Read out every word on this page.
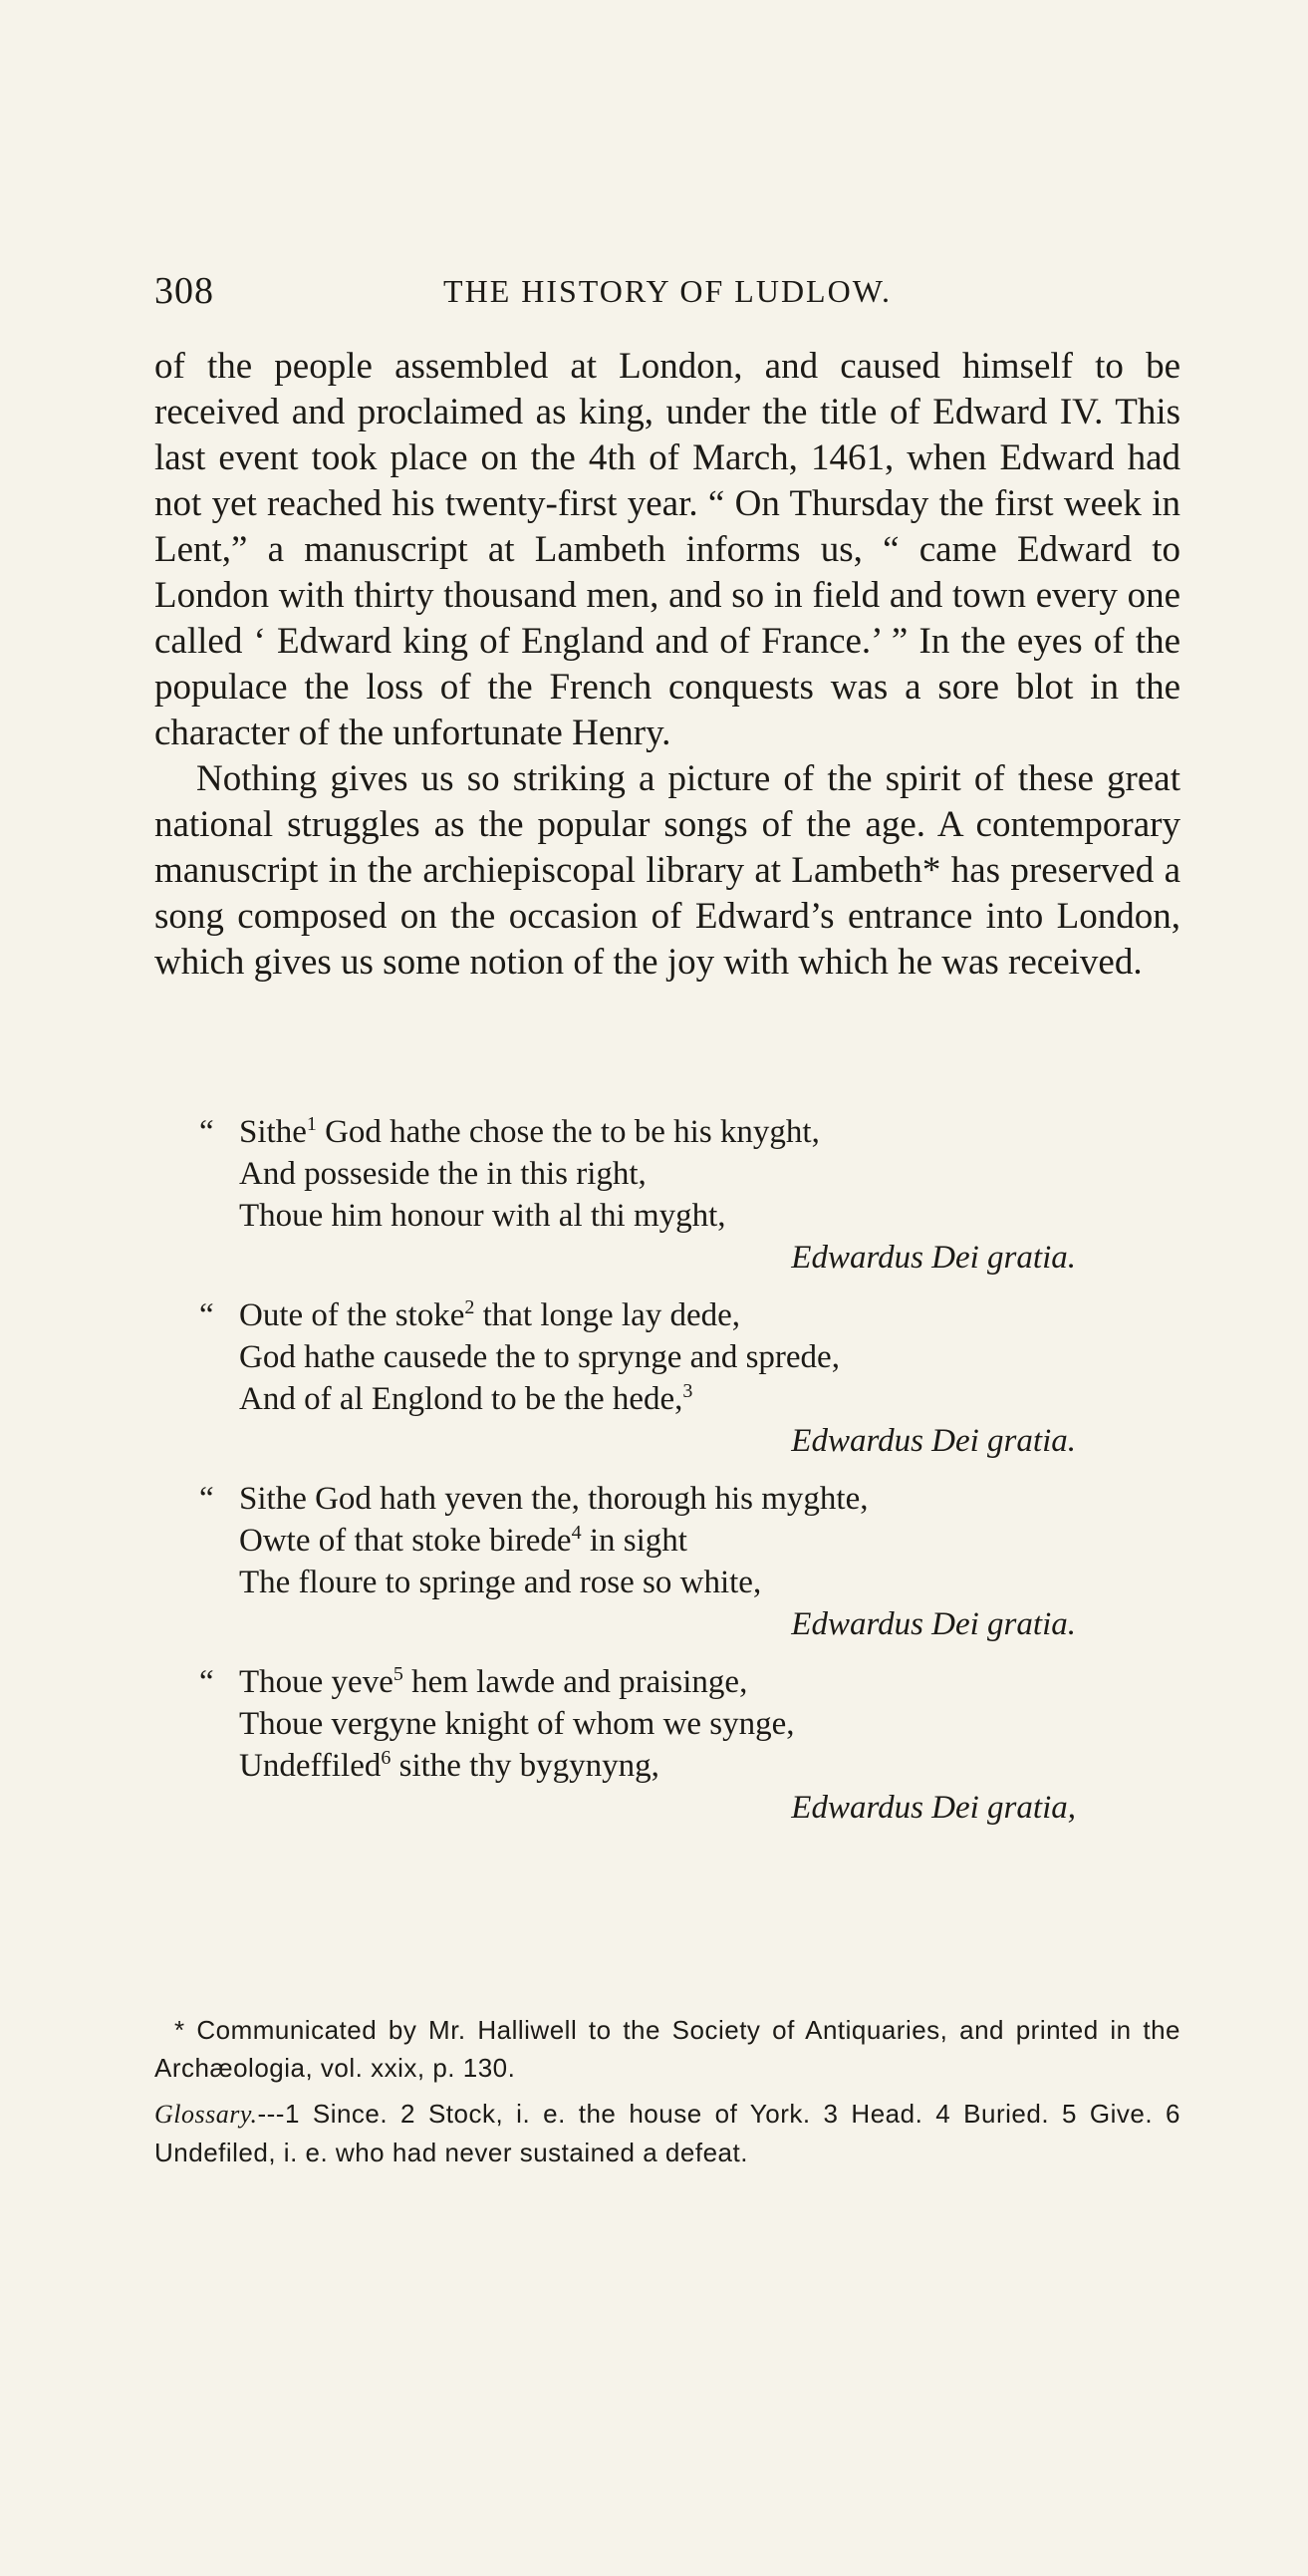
308	THE HISTORY OF LUDLOW.

of the people assembled at London, and caused himself to be received and proclaimed as king, under the title of Edward IV. This last event took place on the 4th of March, 1461, when Edward had not yet reached his twenty-first year. “ On Thursday the first week in Lent,” a manuscript at Lambeth informs us, “ came Edward to London with thirty thousand men, and so in field and town every one called ‘ Edward king of England and of France.’ ” In the eyes of the populace the loss of the French conquests was a sore blot in the character of the unfortunate Henry.

Nothing gives us so striking a picture of the spirit of these great national struggles as the popular songs of the age. A contemporary manuscript in the archiepiscopal library at Lambeth* has preserved a song composed on the occasion of Edward’s entrance into London, which gives us some notion of the joy with which he was received.

“ Sithe$^1$ God hathe chose the to be his knyght,
And posseside the in this right,
Thoue him honour with al thi myght,
Edwardus Dei gratia.
“ Oute of the stoke$^2$ that longe lay dede,
God hathe causede the to sprynge and sprede,
And of al Englond to be the hede,$^3$
Edwardus Dei gratia.
“ Sithe God hath yeven the, thorough his myghte,
Owte of that stoke birede$^4$ in sight
The floure to springe and rose so white,
Edwardus Dei gratia.
“ Thoue yeve$^5$ hem lawde and praisinge,
Thoue vergyne knight of whom we synge,
Undeffiled$^6$ sithe thy bygynyng,
Edwardus Dei gratia,

* Communicated by Mr. Halliwell to the Society of Antiquaries, and printed in the Archæologia, vol. xxix, p. 130.

Glossary.---1 Since. 2 Stock, i. e. the house of York. 3 Head. 4 Buried. 5 Give. 6 Undefiled, i. e. who had never sustained a defeat.
